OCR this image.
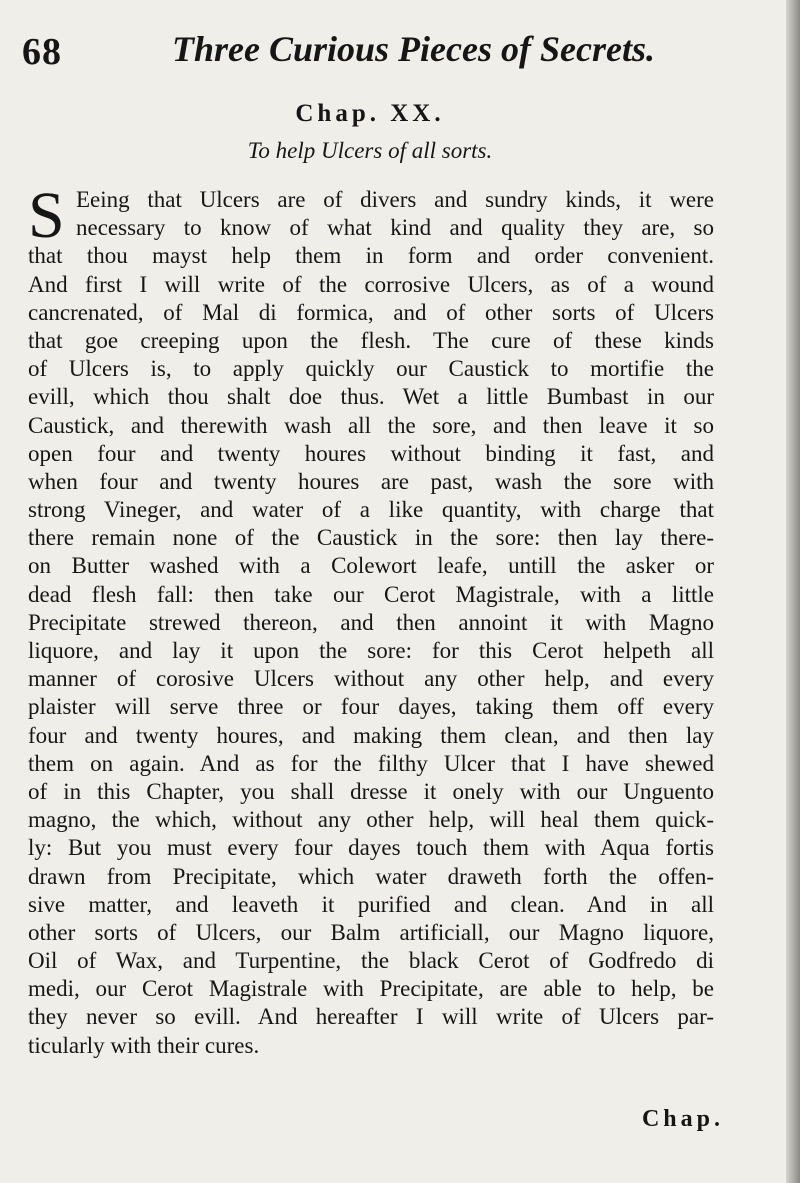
68	Three Curious Pieces of Secrets.
Chap. XX.
To help Ulcers of all sorts.
S Eeing that Ulcers are of divers and sundry kinds, it were
necessary to know of what kind and quality they are, so
that thou mayst help them in form and order convenient.
And first I will write of the corrosive Ulcers, as of a wound
cancrenated, of Mal di formica, and of other sorts of Ulcers
that goe creeping upon the flesh. The cure of these kinds
of Ulcers is, to apply quickly our Caustick to mortifie the
evill, which thou shalt doe thus. Wet a little Bumbast in our
Caustick, and therewith wash all the sore, and then leave it so
open four and twenty houres without binding it fast, and
when four and twenty houres are past, wash the sore with
strong Vineger, and water of a like quantity, with charge that
there remain none of the Caustick in the sore: then lay there-
on Butter washed with a Colewort leafe, untill the asker or
dead flesh fall: then take our Cerot Magistrale, with a little
Precipitate strewed thereon, and then annoint it with Magno
liquore, and lay it upon the sore: for this Cerot helpeth all
manner of corosive Ulcers without any other help, and every
plaister will serve three or four dayes, taking them off every
four and twenty houres, and making them clean, and then lay
them on again. And as for the filthy Ulcer that I have shewed
of in this Chapter, you shall dresse it onely with our Unguento
magno, the which, without any other help, will heal them quick-
ly: But you must every four dayes touch them with Aqua fortis
drawn from Precipitate, which water draweth forth the offen-
sive matter, and leaveth it purified and clean. And in all
other sorts of Ulcers, our Balm artificiall, our Magno liquore,
Oil of Wax, and Turpentine, the black Cerot of Godfredo di
medi, our Cerot Magistrale with Precipitate, are able to help, be
they never so evill. And hereafter I will write of Ulcers par-
ticularly with their cures.
Chap.
